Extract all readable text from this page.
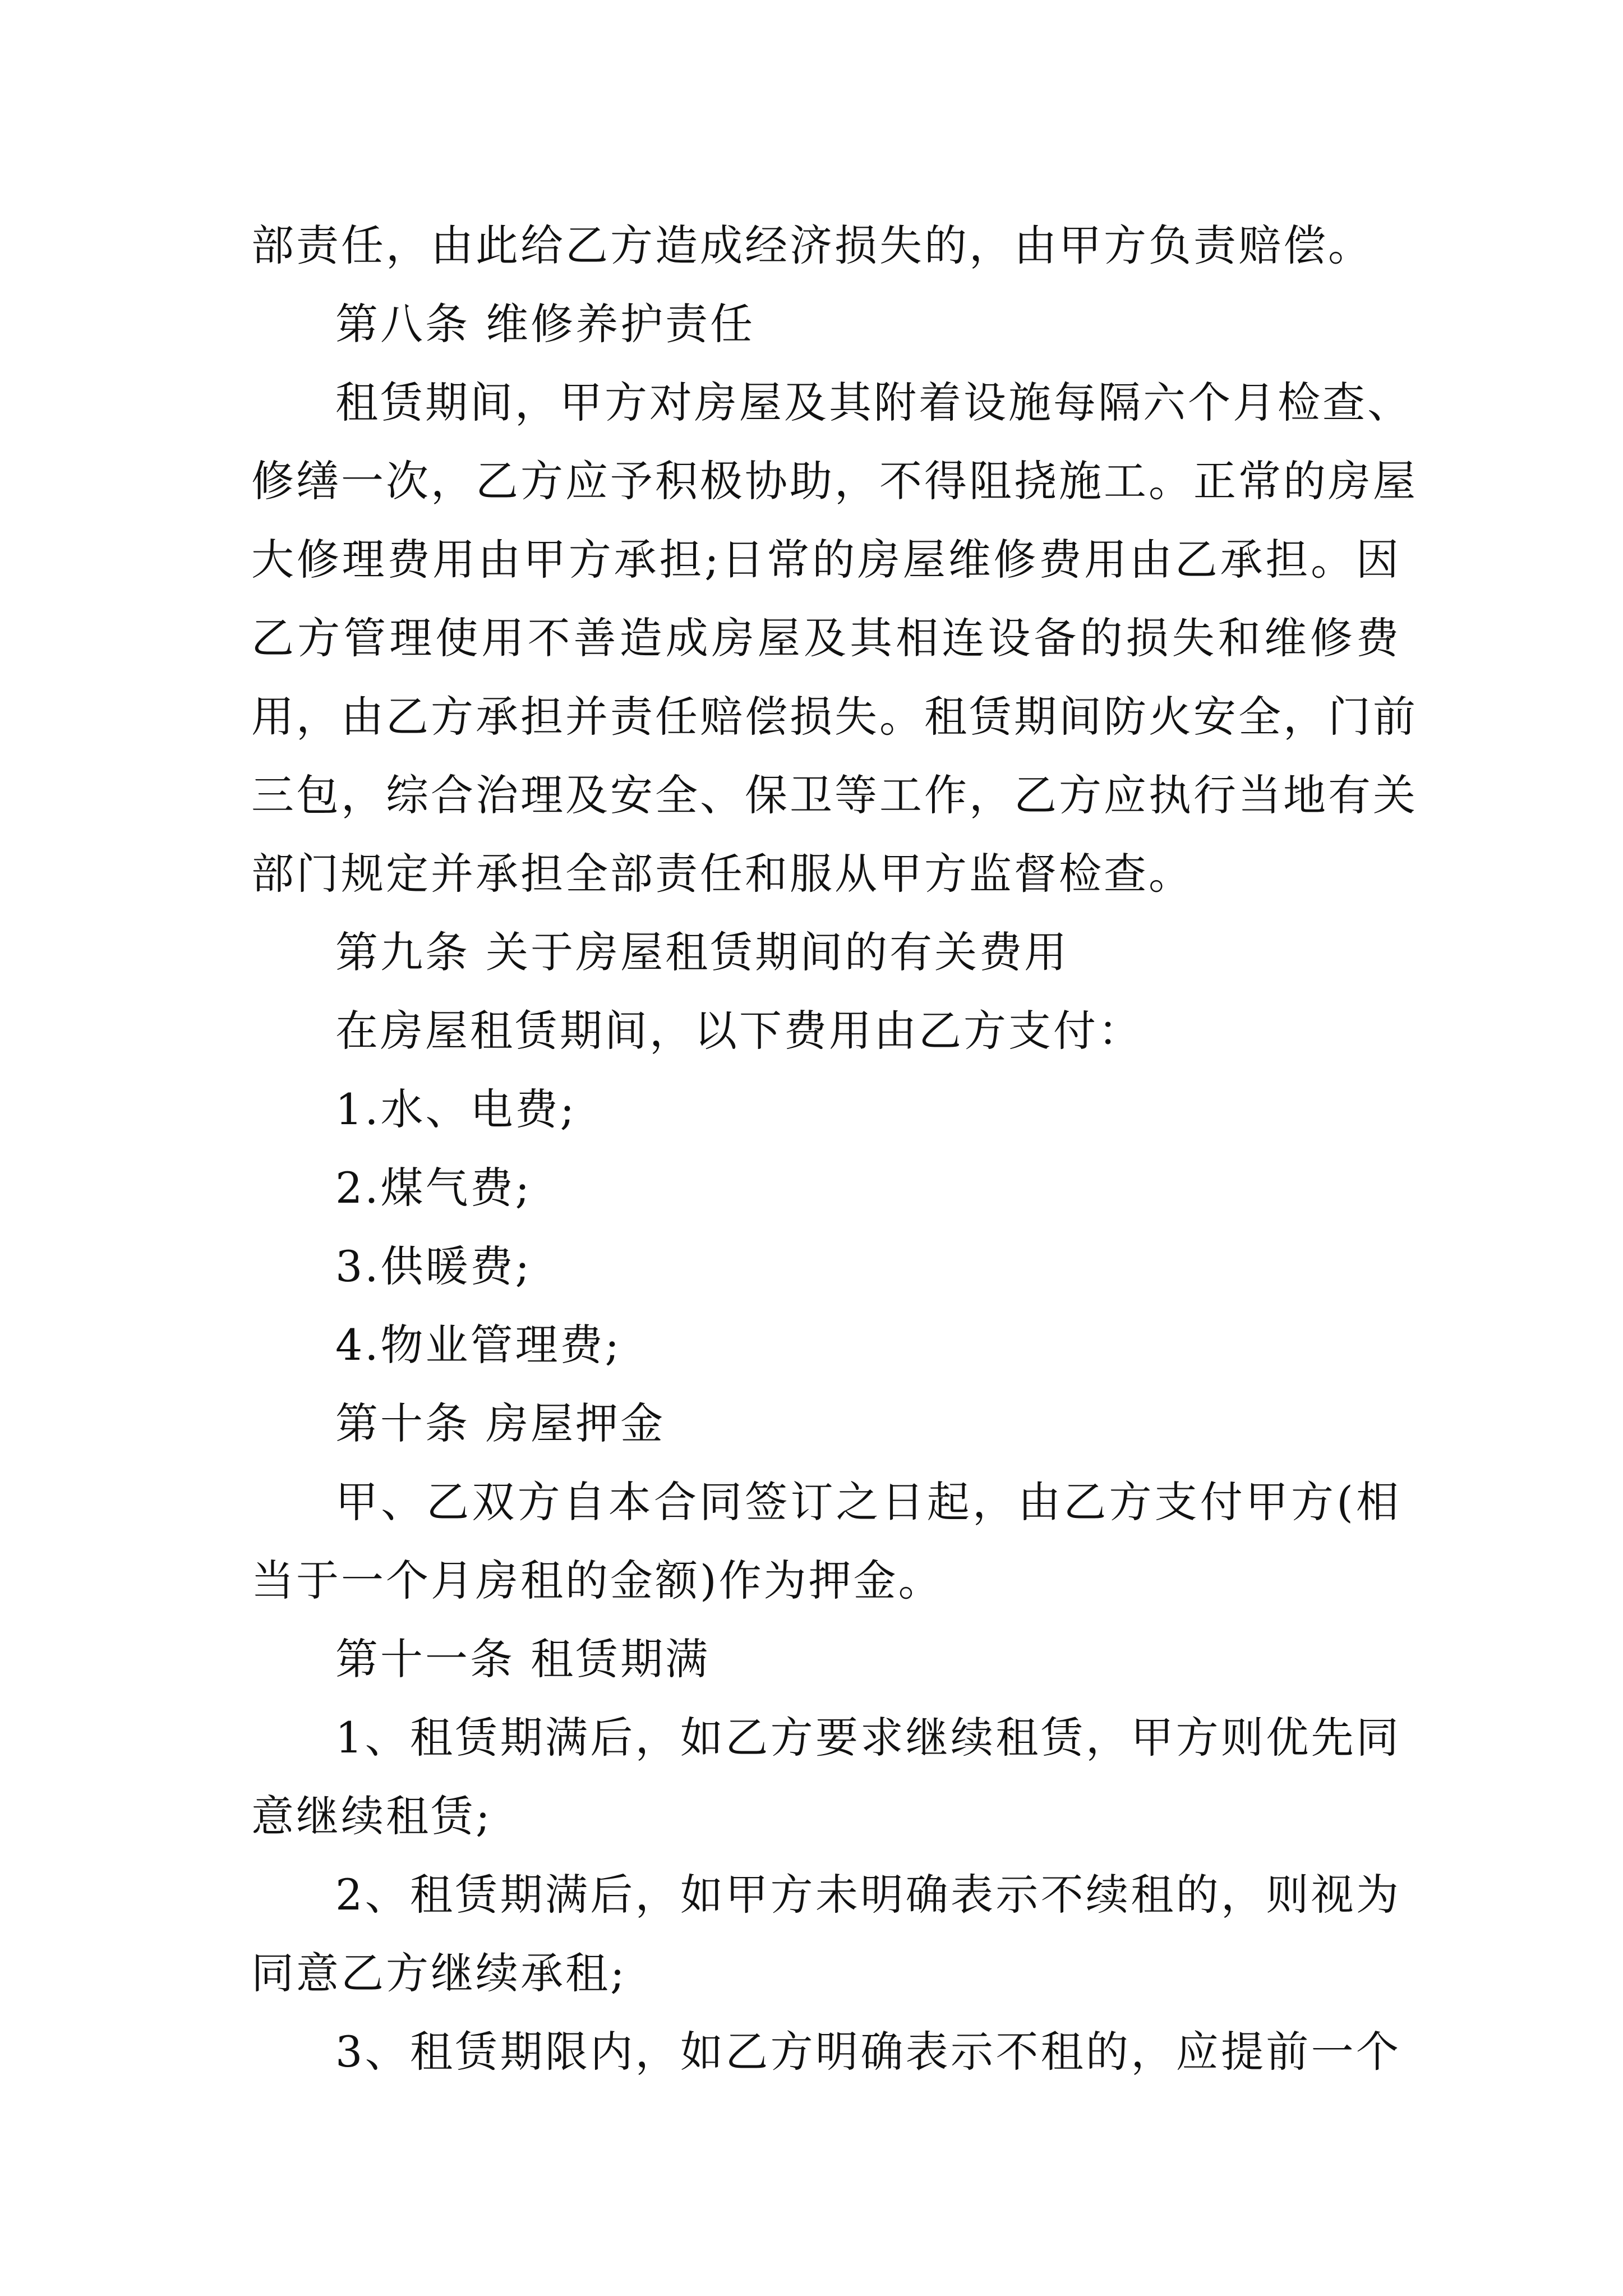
部责任，由此给乙方造成经济损失的，由甲方负责赔偿。
第八条 维修养护责任
租赁期间，甲方对房屋及其附着设施每隔六个月检查、
修缮一次，乙方应予积极协助，不得阻挠施工。正常的房屋
大修理费用由甲方承担;日常的房屋维修费用由乙承担。因
乙方管理使用不善造成房屋及其相连设备的损失和维修费
用，由乙方承担并责任赔偿损失。租赁期间防火安全，门前
三包，综合治理及安全、保卫等工作，乙方应执行当地有关
部门规定并承担全部责任和服从甲方监督检查。
第九条 关于房屋租赁期间的有关费用
在房屋租赁期间，以下费用由乙方支付：
1.水、电费;
2.煤气费;
3.供暖费;
4.物业管理费;
第十条 房屋押金
甲、乙双方自本合同签订之日起，由乙方支付甲方(相
当于一个月房租的金额)作为押金。
第十一条 租赁期满
1、租赁期满后，如乙方要求继续租赁，甲方则优先同
意继续租赁;
2、租赁期满后，如甲方未明确表示不续租的，则视为
同意乙方继续承租;
3、租赁期限内，如乙方明确表示不租的，应提前一个
